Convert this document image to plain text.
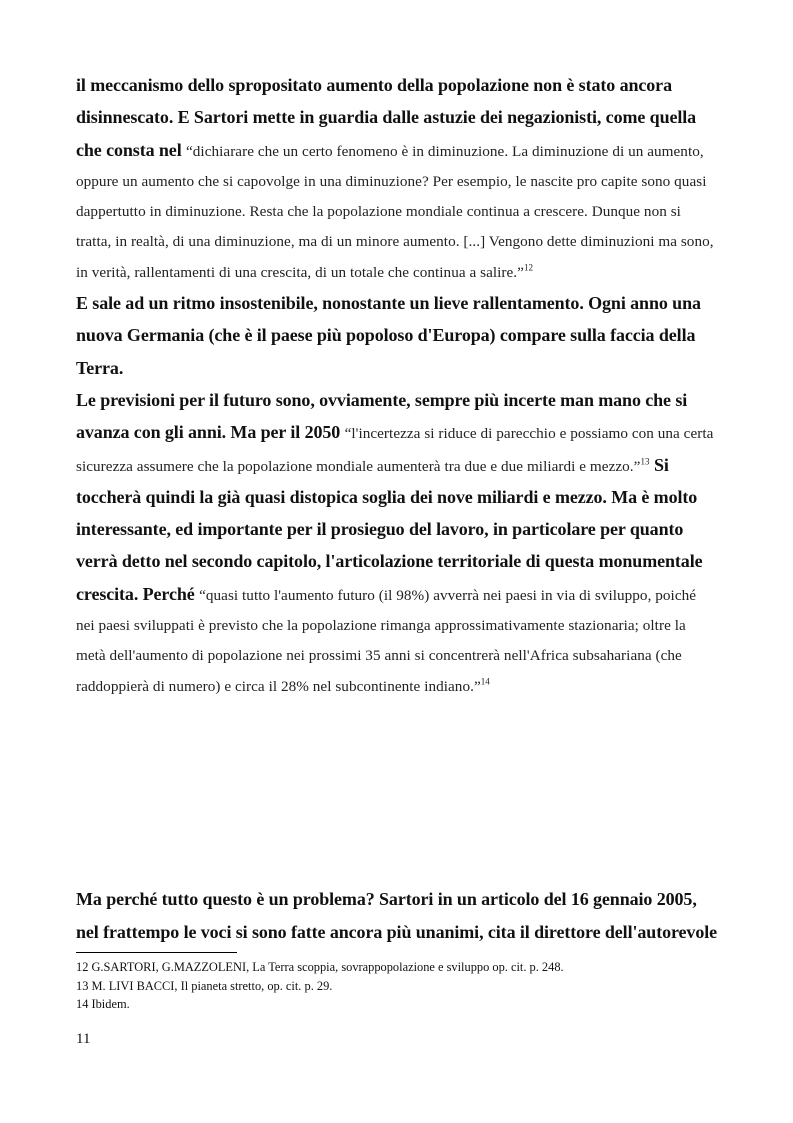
il meccanismo dello spropositato aumento della popolazione non è stato ancora disinnescato. E Sartori mette in guardia dalle astuzie dei negazionisti, come quella che consta nel “dichiarare che un certo fenomeno è in diminuzione. La diminuzione di un aumento, oppure un aumento che si capovolge in una diminuzione? Per esempio, le nascite pro capite sono quasi dappertutto in diminuzione. Resta che la popolazione mondiale continua a crescere. Dunque non si tratta, in realtà, di una diminuzione, ma di un minore aumento. [...] Vengono dette diminuzioni ma sono, in verità, rallentamenti di una crescita, di un totale che continua a salire.”$^{12}$

E sale ad un ritmo insostenibile, nonostante un lieve rallentamento. Ogni anno una nuova Germania (che è il paese più popoloso d'Europa) compare sulla faccia della Terra.

Le previsioni per il futuro sono, ovviamente, sempre più incerte man mano che si avanza con gli anni. Ma per il 2050 “l'incertezza si riduce di parecchio e possiamo con una certa sicurezza assumere che la popolazione mondiale aumenterà tra due e due miliardi e mezzo.”$^{13}$ Si toccherà quindi la già quasi distopica soglia dei nove miliardi e mezzo. Ma è molto interessante, ed importante per il prosieguo del lavoro, in particolare per quanto verrà detto nel secondo capitolo, l'articolazione territoriale di questa monumentale crescita. Perché “quasi tutto l'aumento futuro (il 98%) avverrà nei paesi in via di sviluppo, poiché nei paesi sviluppati è previsto che la popolazione rimanga approssimativamente stazionaria; oltre la metà dell'aumento di popolazione nei prossimi 35 anni si concentrerà nell'Africa subsahariana (che raddoppierà di numero) e circa il 28% nel subcontinente indiano.”$^{14}$

Ma perché tutto questo è un problema? Sartori in un articolo del 16 gennaio 2005, nel frattempo le voci si sono fatte ancora più unanimi, cita il direttore dell'autorevole

12 G.SARTORI, G.MAZZOLENI, La Terra scoppia, sovrappopolazione e sviluppo op. cit. p. 248.
13 M. LIVI BACCI, Il pianeta stretto, op. cit. p. 29.
14 Ibidem.
11
